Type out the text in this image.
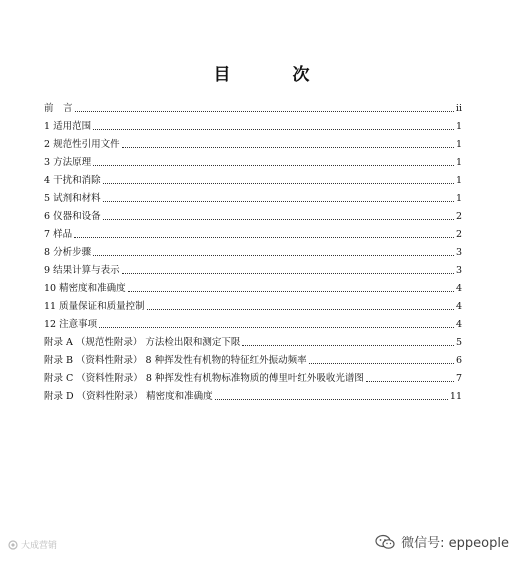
目 次
前　言	ii
1 适用范围	1
2 规范性引用文件	1
3 方法原理	1
4 干扰和消除	1
5 试剂和材料	1
6 仪器和设备	2
7 样品	2
8 分析步骤	3
9 结果计算与表示	3
10 精密度和准确度	4
11 质量保证和质量控制	4
12 注意事项	4
附录 A （规范性附录） 方法检出限和测定下限	5
附录 B （资料性附录） 8 种挥发性有机物的特征红外振动频率	6
附录 C （资料性附录） 8 种挥发性有机物标准物质的傅里叶红外吸收光谱图	7
附录 D （资料性附录） 精密度和准确度	11
大成营销	微信号: eppeople
